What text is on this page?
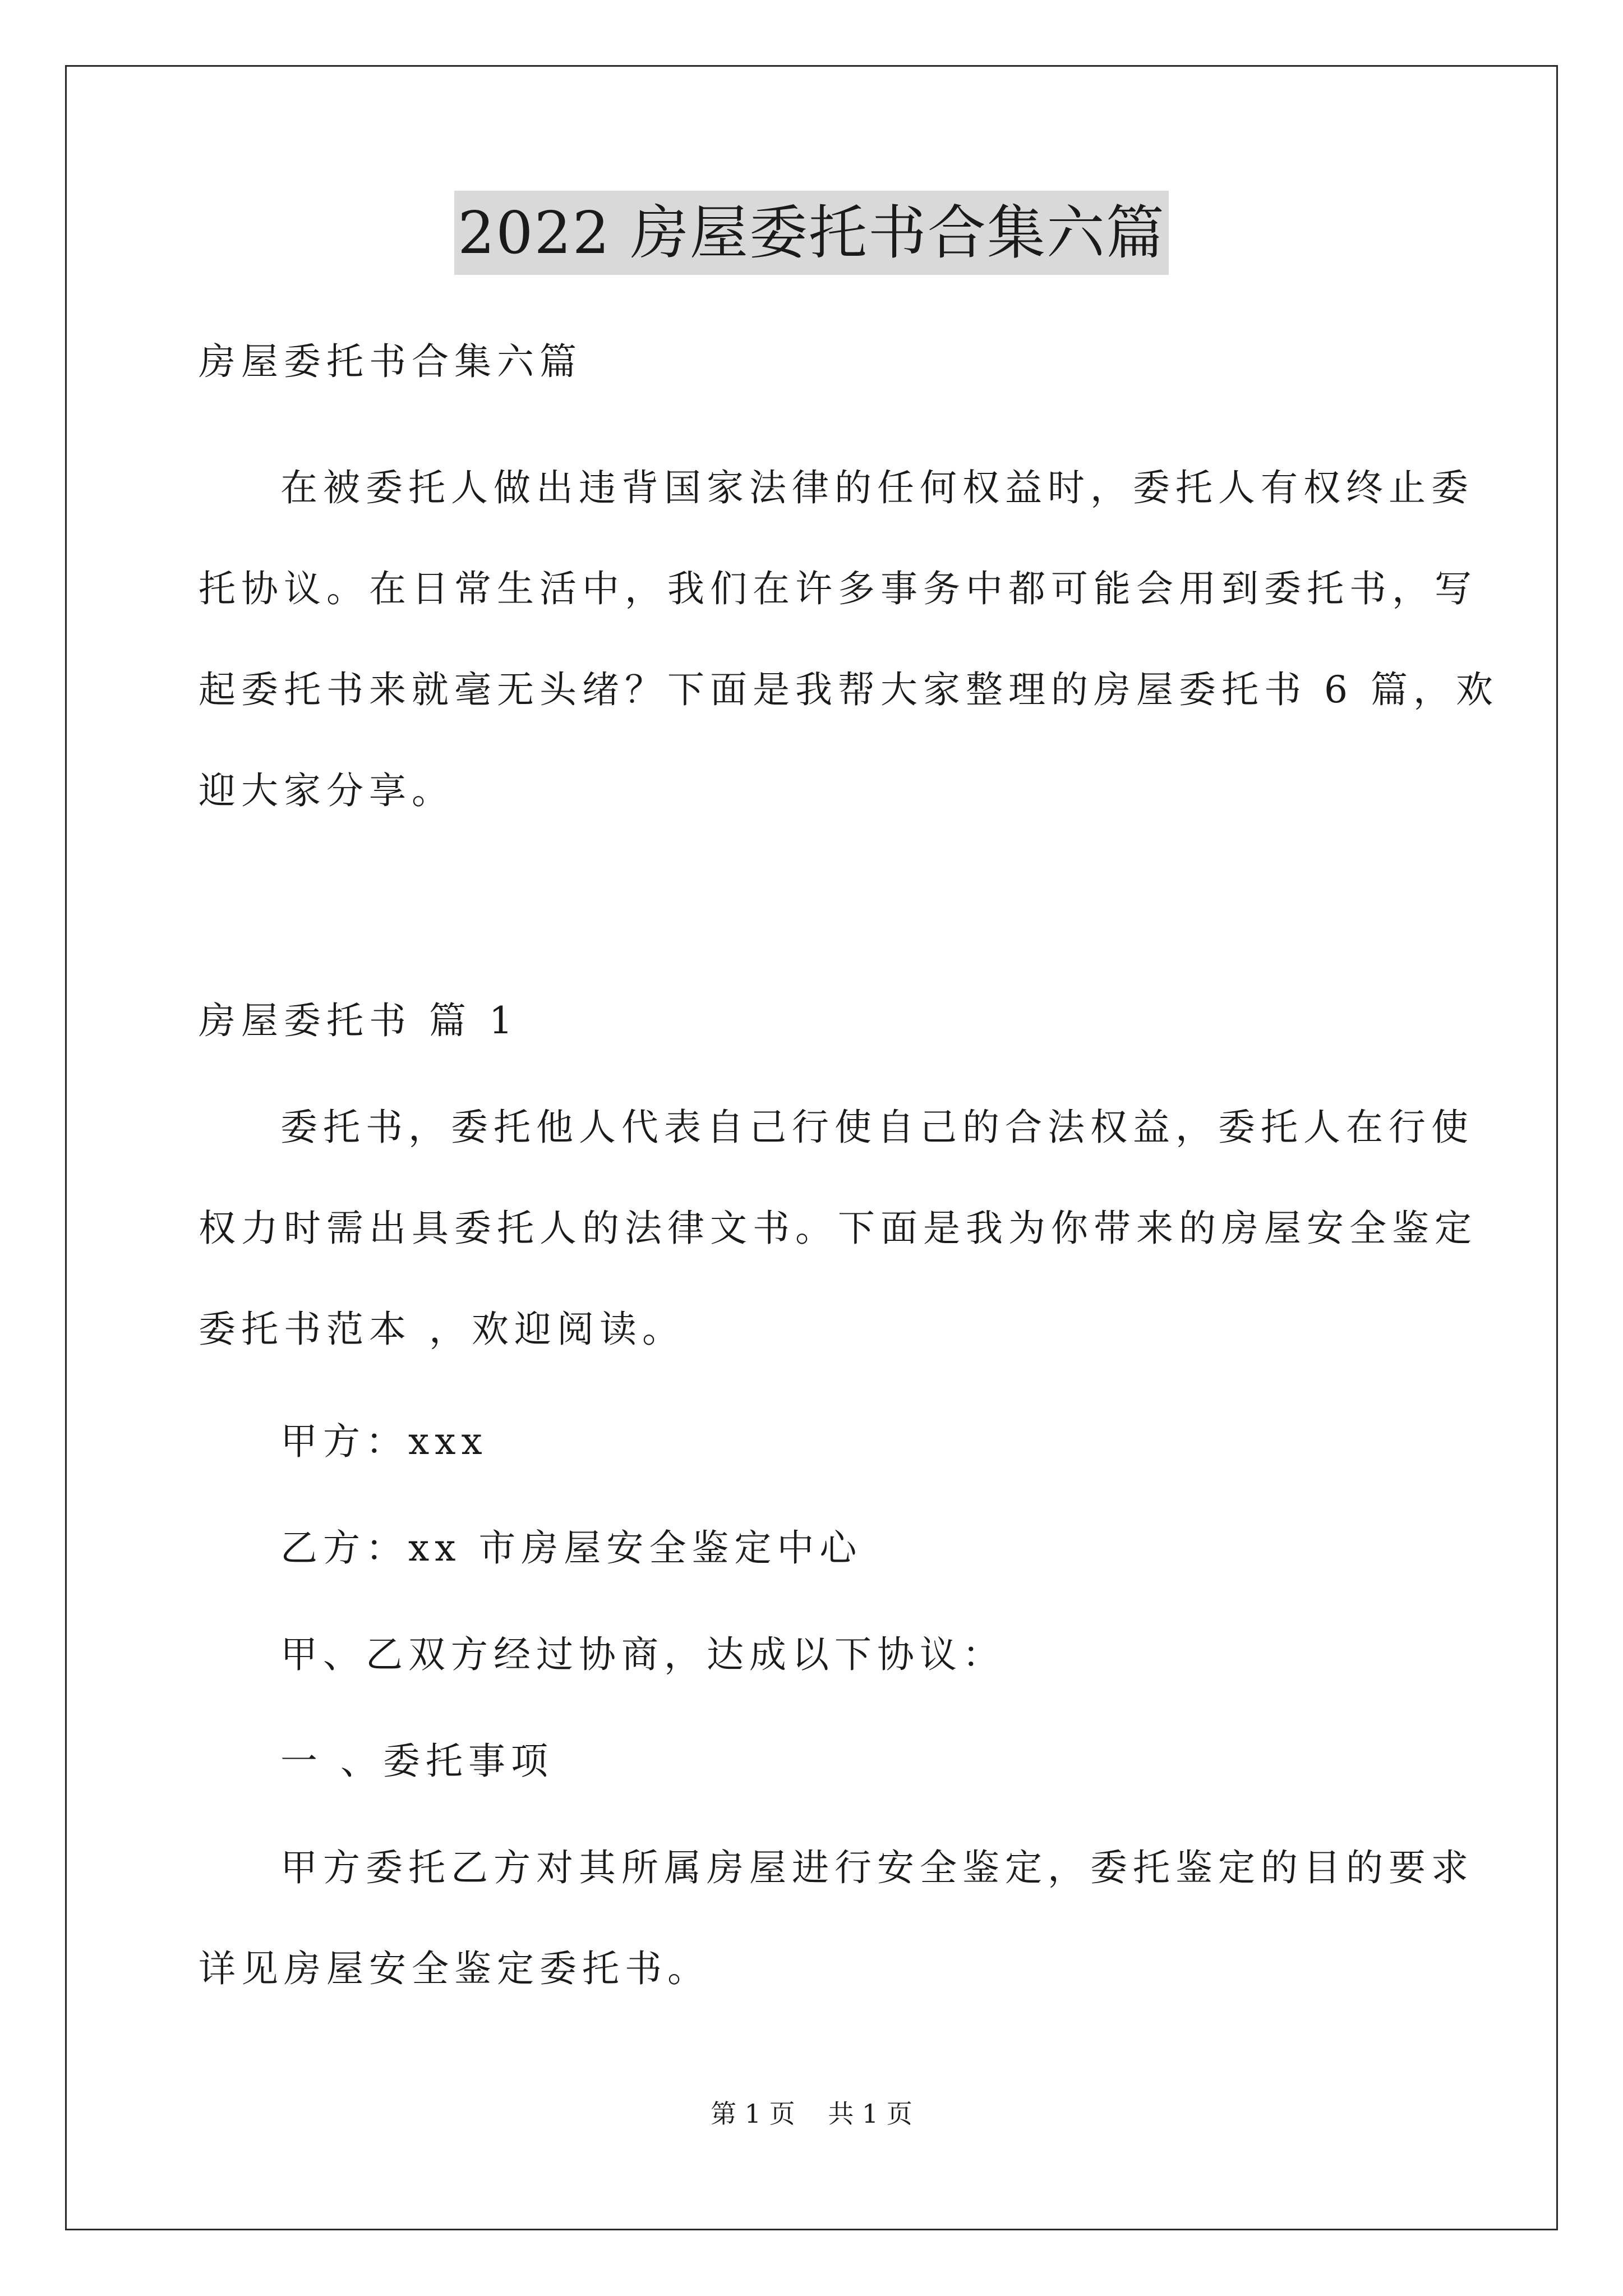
2022 房屋委托书合集六篇
房屋委托书合集六篇
在被委托人做出违背国家法律的任何权益时，委托人有权终止委
托协议。在日常生活中，我们在许多事务中都可能会用到委托书，写
起委托书来就毫无头绪？下面是我帮大家整理的房屋委托书 6 篇，欢
迎大家分享。
房屋委托书 篇 1
委托书，委托他人代表自己行使自己的合法权益，委托人在行使
权力时需出具委托人的法律文书。下面是我为你带来的房屋安全鉴定
委托书范本 ，欢迎阅读。
甲方：xxx
乙方：xx 市房屋安全鉴定中心
甲、乙双方经过协商，达成以下协议：
一 、委托事项
甲方委托乙方对其所属房屋进行安全鉴定，委托鉴定的目的要求
详见房屋安全鉴定委托书。
第 1 页 共 1 页
